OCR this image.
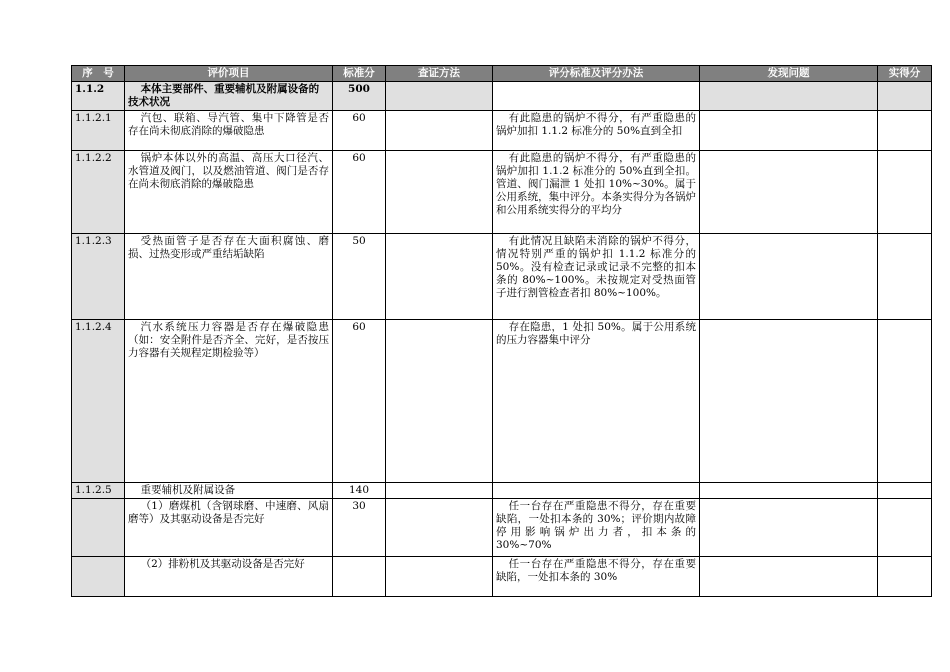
序　号	评价项目	标准分	查证方法	评分标准及评分办法	发现问题	实得分
1.1.2	本体主要部件、重要辅机及附属设备的技术状况	500				
1.1.2.1	汽包、联箱、导汽管、集中下降管是否存在尚未彻底消除的爆破隐患	60		有此隐患的锅炉不得分，有严重隐患的锅炉加扣 1.1.2 标准分的 50%直到全扣		
1.1.2.2	锅炉本体以外的高温、高压大口径汽、水管道及阀门，以及燃油管道、阀门是否存在尚未彻底消除的爆破隐患	60		有此隐患的锅炉不得分，有严重隐患的锅炉加扣 1.1.2 标准分的 50%直到全扣。管道、阀门漏泄 1 处扣 10%~30%。属于公用系统，集中评分。本条实得分为各锅炉和公用系统实得分的平均分		
1.1.2.3	受热面管子是否存在大面积腐蚀、磨损、过热变形或严重结垢缺陷	50		有此情况且缺陷未消除的锅炉不得分，情况特别严重的锅炉扣 1.1.2 标准分的 50%。没有检查记录或记录不完整的扣本条的 80%~100%。未按规定对受热面管子进行割管检查者扣 80%~100%。		
1.1.2.4	汽水系统压力容器是否存在爆破隐患（如：安全附件是否齐全、完好，是否按压力容器有关规程定期检验等）	60		存在隐患，1 处扣 50%。属于公用系统的压力容器集中评分		
1.1.2.5	重要辅机及附属设备	140				
	（1）磨煤机（含钢球磨、中速磨、风扇磨等）及其驱动设备是否完好	30		任一台存在严重隐患不得分，存在重要缺陷，一处扣本条的 30%；评价期内故障停用影响锅炉出力者，扣本条的 30%~70%		
	（2）排粉机及其驱动设备是否完好			任一台存在严重隐患不得分，存在重要缺陷，一处扣本条的 30%		
